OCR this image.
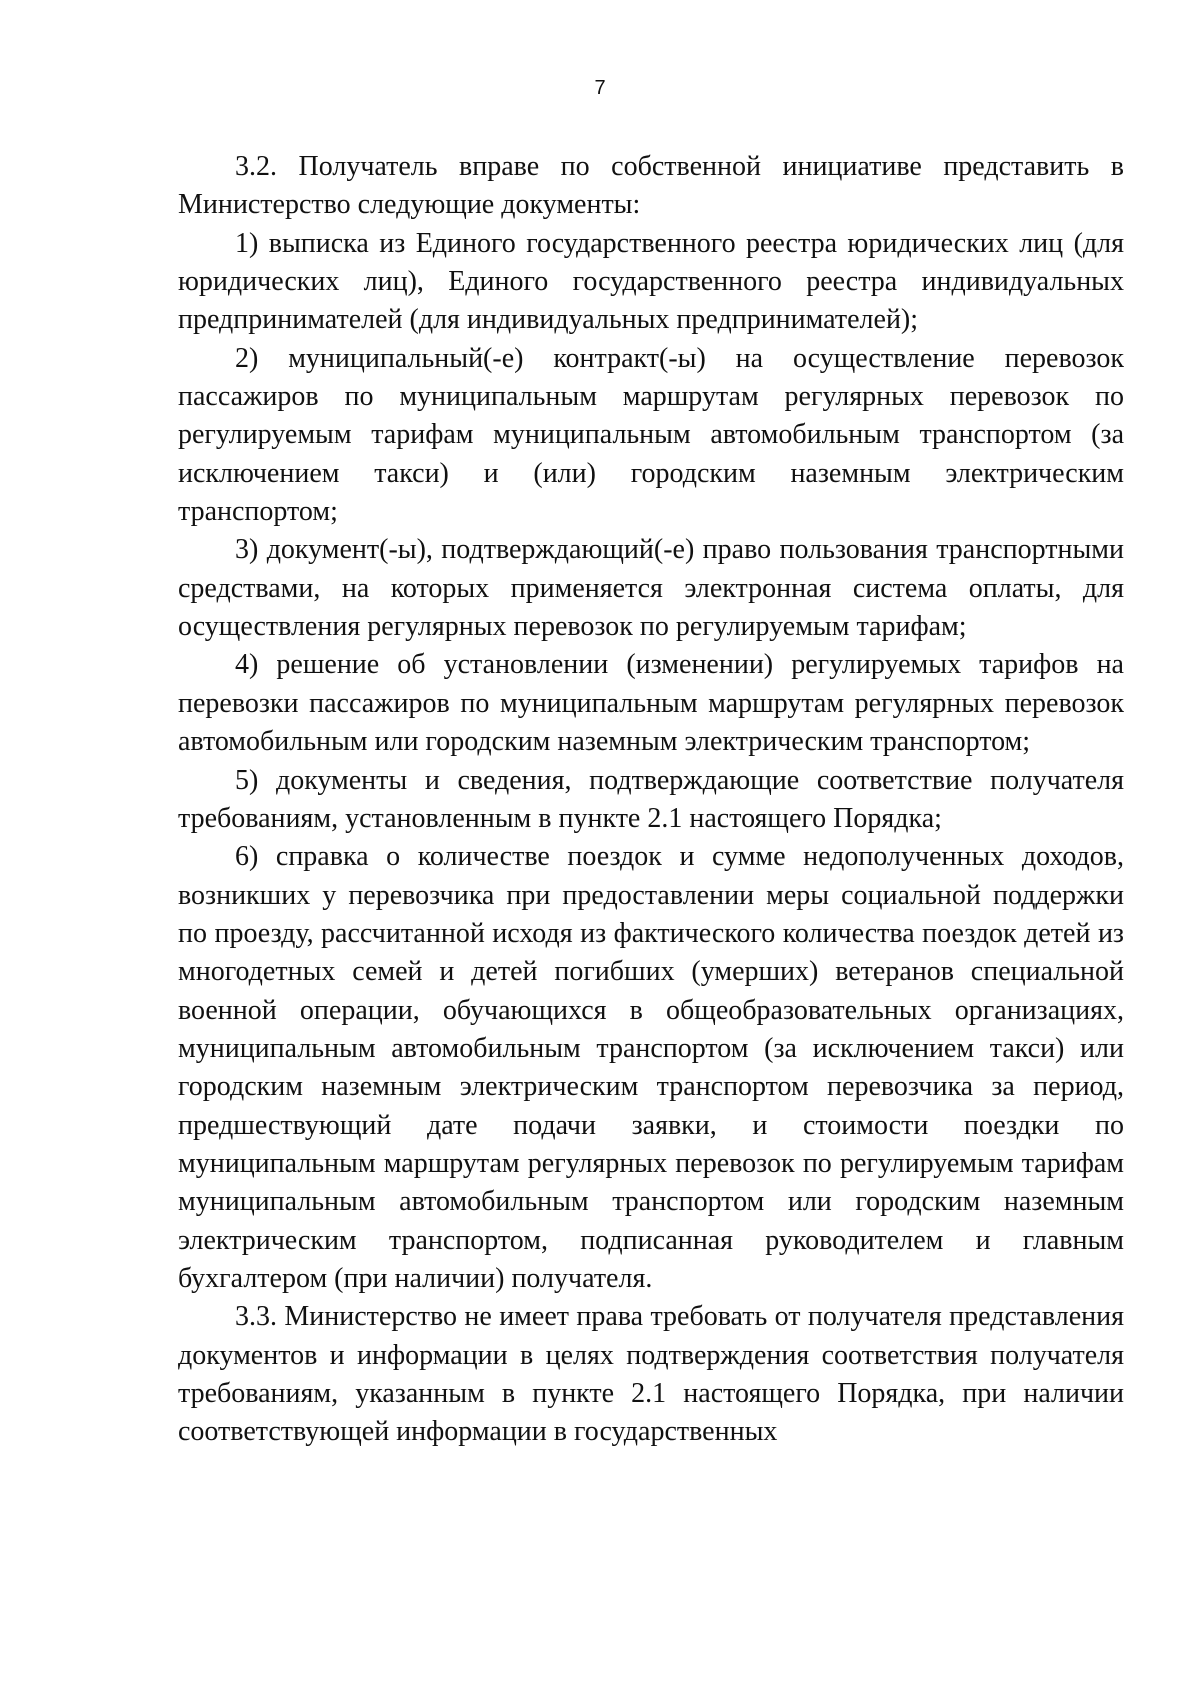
7

3.2. Получатель вправе по собственной инициативе представить в Министерство следующие документы:

1) выписка из Единого государственного реестра юридических лиц (для юридических лиц), Единого государственного реестра индивидуальных предпринимателей (для индивидуальных предпринимателей);

2) муниципальный(-е) контракт(-ы) на осуществление перевозок пассажиров по муниципальным маршрутам регулярных перевозок по регулируемым тарифам муниципальным автомобильным транспортом (за исключением такси) и (или) городским наземным электрическим транспортом;

3) документ(-ы), подтверждающий(-е) право пользования транспортными средствами, на которых применяется электронная система оплаты, для осуществления регулярных перевозок по регулируемым тарифам;

4) решение об установлении (изменении) регулируемых тарифов на перевозки пассажиров по муниципальным маршрутам регулярных перевозок автомобильным или городским наземным электрическим транспортом;

5) документы и сведения, подтверждающие соответствие получателя требованиям, установленным в пункте 2.1 настоящего Порядка;

6) справка о количестве поездок и сумме недополученных доходов, возникших у перевозчика при предоставлении меры социальной поддержки по проезду, рассчитанной исходя из фактического количества поездок детей из многодетных семей и детей погибших (умерших) ветеранов специальной военной операции, обучающихся в общеобразовательных организациях, муниципальным автомобильным транспортом (за исключением такси) или городским наземным электрическим транспортом перевозчика за период, предшествующий дате подачи заявки, и стоимости поездки по муниципальным маршрутам регулярных перевозок по регулируемым тарифам муниципальным автомобильным транспортом или городским наземным электрическим транспортом, подписанная руководителем и главным бухгалтером (при наличии) получателя.

3.3. Министерство не имеет права требовать от получателя представления документов и информации в целях подтверждения соответствия получателя требованиям, указанным в пункте 2.1 настоящего Порядка, при наличии соответствующей информации в государственных
